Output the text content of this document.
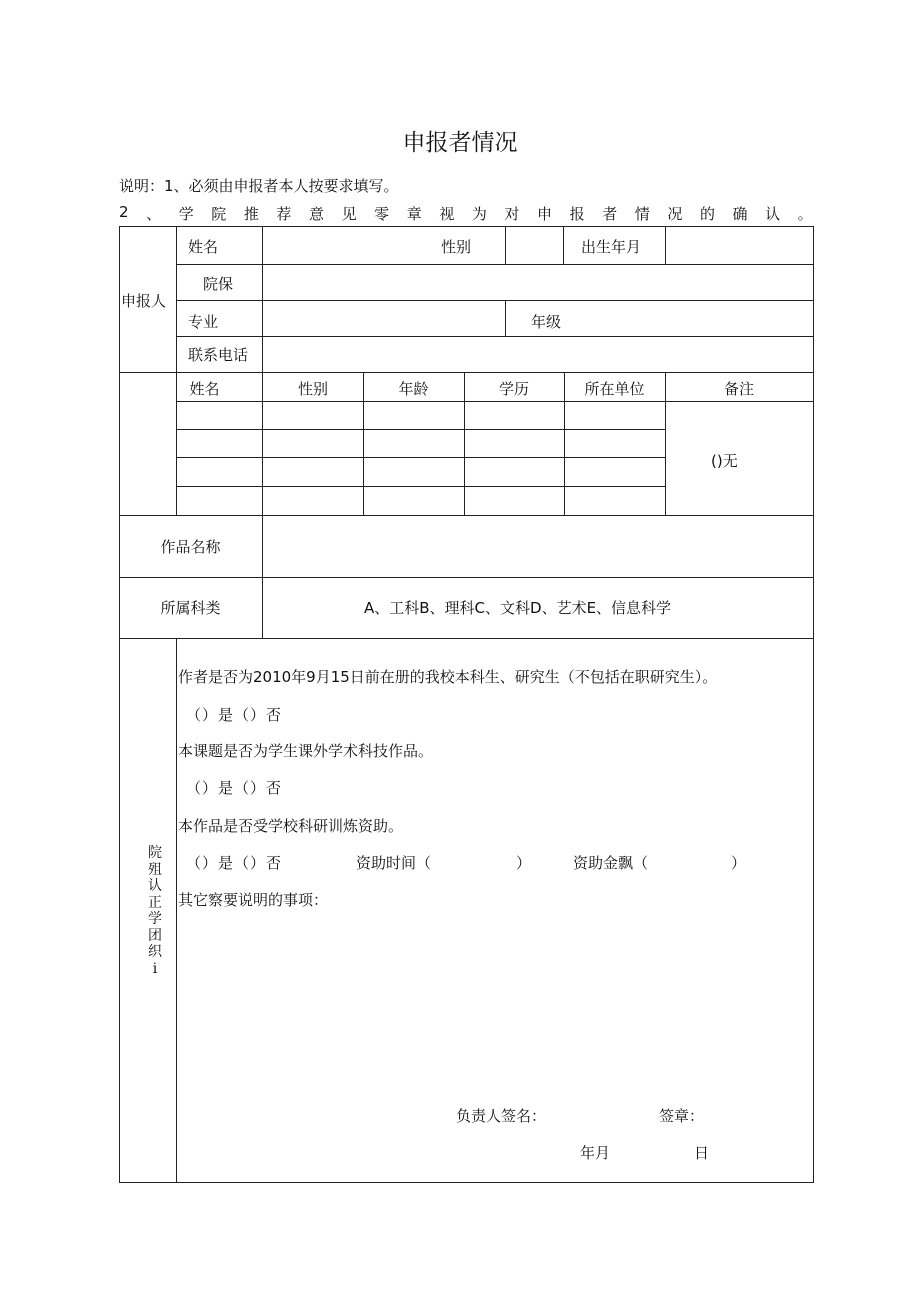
申报者情况
说明：1、必须由申报者本人按要求填写。
2 、 学 院 推 荐 意 见 零 章 视 为 对 申 报 者 情 况 的 确 认 。
申报人
姓名	性别	出生年月
院保
专业	年级
联系电话
姓名	性别	年龄	学历	所在单位	备注
()无
作品名称
所属科类	A、工科B、理科C、文科D、艺术E、信息科学
院殂认正学团织i
作者是否为2010年9月15日前在册的我校本科生、研究生（不包括在职研究生）。
（）是（）否
本课题是否为学生课外学术科技作品。
（）是（）否
本作品是否受学校科研训炼资助。
（）是（）否	资助时间（	）	资助金飘（	）
其它察要说明的事项：
负责人签名：	签章：
年月	日
